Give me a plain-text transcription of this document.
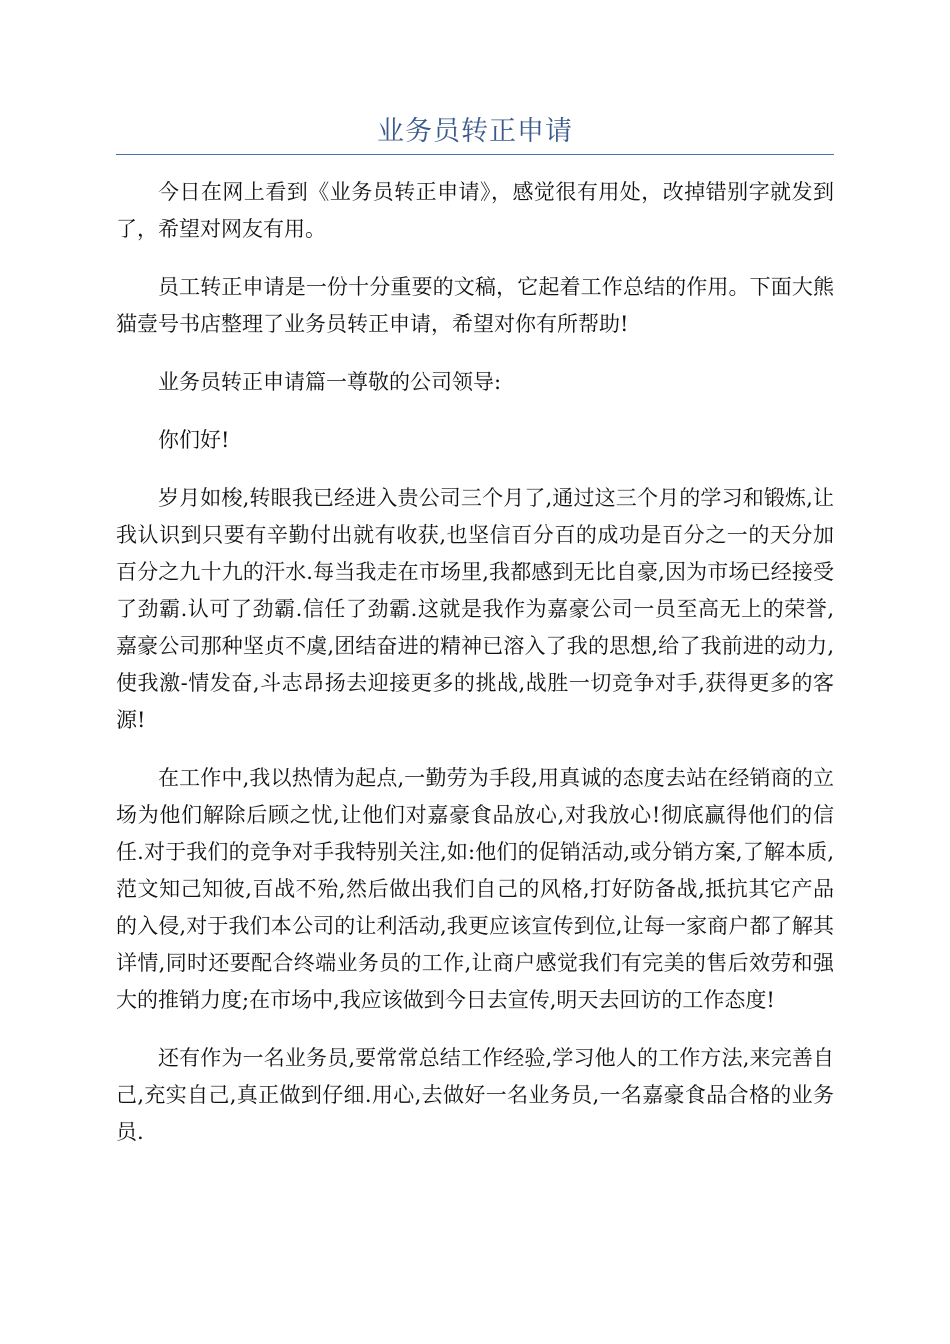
业务员转正申请

今日在网上看到《业务员转正申请》，感觉很有用处，改掉错别字就发到了，希望对网友有用。

员工转正申请是一份十分重要的文稿，它起着工作总结的作用。下面大熊猫壹号书店整理了业务员转正申请，希望对你有所帮助!

业务员转正申请篇一尊敬的公司领导:

你们好!

岁月如梭,转眼我已经进入贵公司三个月了,通过这三个月的学习和锻炼,让我认识到只要有辛勤付出就有收获,也坚信百分百的成功是百分之一的天分加百分之九十九的汗水.每当我走在市场里,我都感到无比自豪,因为市场已经接受了劲霸.认可了劲霸.信任了劲霸.这就是我作为嘉豪公司一员至高无上的荣誉,嘉豪公司那种坚贞不虞,团结奋进的精神已溶入了我的思想,给了我前进的动力,使我激-情发奋,斗志昂扬去迎接更多的挑战,战胜一切竞争对手,获得更多的客源!

在工作中,我以热情为起点,一勤劳为手段,用真诚的态度去站在经销商的立场为他们解除后顾之忧,让他们对嘉豪食品放心,对我放心!彻底赢得他们的信任.对于我们的竞争对手我特别关注,如:他们的促销活动,或分销方案,了解本质,范文知己知彼,百战不殆,然后做出我们自己的风格,打好防备战,抵抗其它产品的入侵,对于我们本公司的让利活动,我更应该宣传到位,让每一家商户都了解其详情,同时还要配合终端业务员的工作,让商户感觉我们有完美的售后效劳和强大的推销力度;在市场中,我应该做到今日去宣传,明天去回访的工作态度!

还有作为一名业务员,要常常总结工作经验,学习他人的工作方法,来完善自己,充实自己,真正做到仔细.用心,去做好一名业务员,一名嘉豪食品合格的业务员.
